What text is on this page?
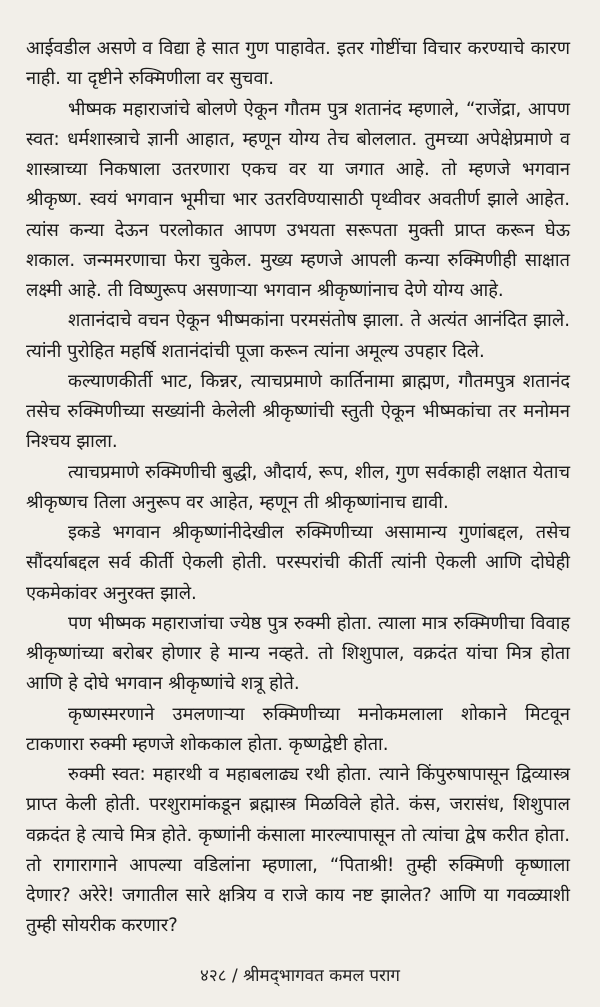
आईवडील असणे व विद्या हे सात गुण पाहावेत. इतर गोष्टींचा विचार करण्याचे कारण नाही. या दृष्टीने रुक्मिणीला वर सुचवा.

भीष्मक महाराजांचे बोलणे ऐकून गौतम पुत्र शतानंद म्हणाले, “राजेंद्रा, आपण स्वत: धर्मशास्त्राचे ज्ञानी आहात, म्हणून योग्य तेच बोललात. तुमच्या अपेक्षेप्रमाणे व शास्त्राच्या निकषाला उतरणारा एकच वर या जगात आहे. तो म्हणजे भगवान श्रीकृष्ण. स्वयं भगवान भूमीचा भार उतरविण्यासाठी पृथ्वीवर अवतीर्ण झाले आहेत. त्यांस कन्या देऊन परलोकात आपण उभयता सरूपता मुक्ती प्राप्त करून घेऊ शकाल. जन्ममरणाचा फेरा चुकेल. मुख्य म्हणजे आपली कन्या रुक्मिणीही साक्षात लक्ष्मी आहे. ती विष्णुरूप असणाऱ्या भगवान श्रीकृष्णांनाच देणे योग्य आहे.

शतानंदाचे वचन ऐकून भीष्मकांना परमसंतोष झाला. ते अत्यंत आनंदित झाले. त्यांनी पुरोहित महर्षि शतानंदांची पूजा करून त्यांना अमूल्य उपहार दिले.

कल्याणकीर्ती भाट, किन्नर, त्याचप्रमाणे कार्तिनामा ब्राह्मण, गौतमपुत्र शतानंद तसेच रुक्मिणीच्या सख्यांनी केलेली श्रीकृष्णांची स्तुती ऐकून भीष्मकांचा तर मनोमन निश्चय झाला.

त्याचप्रमाणे रुक्मिणीची बुद्धी, औदार्य, रूप, शील, गुण सर्वकाही लक्षात येताच श्रीकृष्णच तिला अनुरूप वर आहेत, म्हणून ती श्रीकृष्णांनाच द्यावी.

इकडे भगवान श्रीकृष्णांनीदेखील रुक्मिणीच्या असामान्य गुणांबद्दल, तसेच सौंदर्याबद्दल सर्व कीर्ती ऐकली होती. परस्परांची कीर्ती त्यांनी ऐकली आणि दोघेही एकमेकांवर अनुरक्त झाले.

पण भीष्मक महाराजांचा ज्येष्ठ पुत्र रुक्मी होता. त्याला मात्र रुक्मिणीचा विवाह श्रीकृष्णांच्या बरोबर होणार हे मान्य नव्हते. तो शिशुपाल, वक्रदंत यांचा मित्र होता आणि हे दोघे भगवान श्रीकृष्णांचे शत्रू होते.

कृष्णस्मरणाने उमलणाऱ्या रुक्मिणीच्या मनोकमलाला शोकाने मिटवून टाकणारा रुक्मी म्हणजे शोककाल होता. कृष्णद्वेष्टी होता.

रुक्मी स्वत: महारथी व महाबलाढ्य रथी होता. त्याने किंपुरुषापासून द्विव्यास्त्र प्राप्त केली होती. परशुरामांकडून ब्रह्मास्त्र मिळविले होते. कंस, जरासंध, शिशुपाल वक्रदंत हे त्याचे मित्र होते. कृष्णांनी कंसाला मारल्यापासून तो त्यांचा द्वेष करीत होता. तो रागारागाने आपल्या वडिलांना म्हणाला, “पिताश्री! तुम्ही रुक्मिणी कृष्णाला देणार? अरेरे! जगातील सारे क्षत्रिय व राजे काय नष्ट झालेत? आणि या गवळ्याशी तुम्ही सोयरीक करणार?

४२८ / श्रीमद्‌भागवत कमल पराग
